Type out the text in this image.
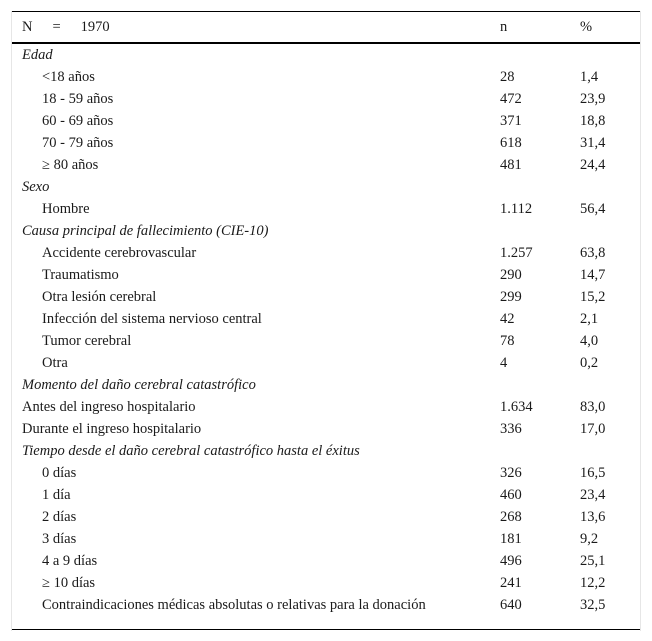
N = 1970	n	%
Edad
<18 años	28	1,4
18 - 59 años	472	23,9
60 - 69 años	371	18,8
70 - 79 años	618	31,4
≥ 80 años	481	24,4
Sexo
Hombre	1.112	56,4
Causa principal de fallecimiento (CIE-10)
Accidente cerebrovascular	1.257	63,8
Traumatismo	290	14,7
Otra lesión cerebral	299	15,2
Infección del sistema nervioso central	42	2,1
Tumor cerebral	78	4,0
Otra	4	0,2
Momento del daño cerebral catastrófico
Antes del ingreso hospitalario	1.634	83,0
Durante el ingreso hospitalario	336	17,0
Tiempo desde el daño cerebral catastrófico hasta el éxitus
0 días	326	16,5
1 día	460	23,4
2 días	268	13,6
3 días	181	9,2
4 a 9 días	496	25,1
≥ 10 días	241	12,2
Contraindicaciones médicas absolutas o relativas para la donación	640	32,5
